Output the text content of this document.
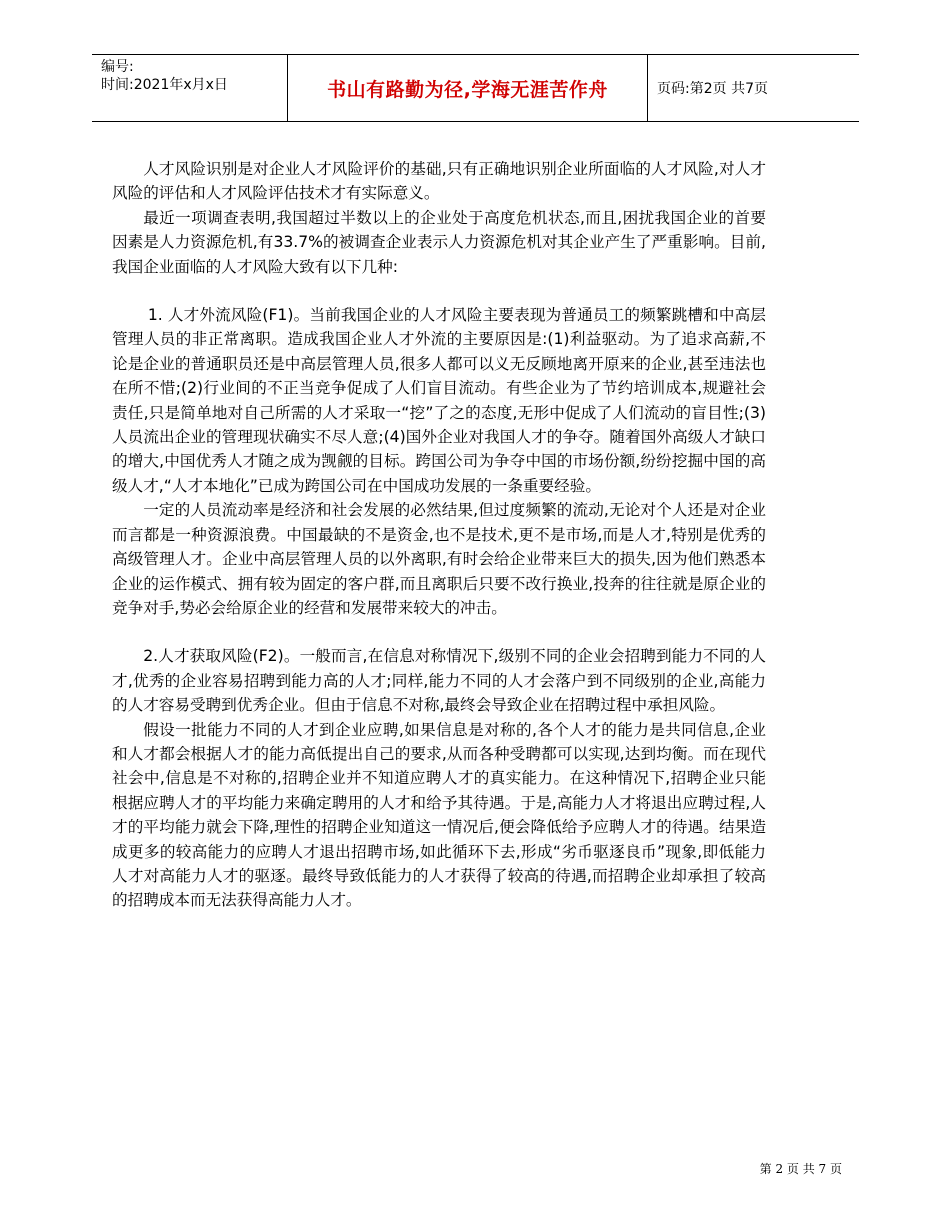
编号:
时间:2021年x月x日	书山有路勤为径,学海无涯苦作舟	页码:第2页 共7页

人才风险识别是对企业人才风险评价的基础,只有正确地识别企业所面临的人才风险,对人才风险的评估和人才风险评估技术才有实际意义。

最近一项调查表明,我国超过半数以上的企业处于高度危机状态,而且,困扰我国企业的首要因素是人力资源危机,有33.7%的被调查企业表示人力资源危机对其企业产生了严重影响。目前,我国企业面临的人才风险大致有以下几种:

1. 人才外流风险(F1)。当前我国企业的人才风险主要表现为普通员工的频繁跳槽和中高层管理人员的非正常离职。造成我国企业人才外流的主要原因是:(1)利益驱动。为了追求高薪,不论是企业的普通职员还是中高层管理人员,很多人都可以义无反顾地离开原来的企业,甚至违法也在所不惜;(2)行业间的不正当竞争促成了人们盲目流动。有些企业为了节约培训成本,规避社会责任,只是简单地对自己所需的人才采取一“挖”了之的态度,无形中促成了人们流动的盲目性;(3)人员流出企业的管理现状确实不尽人意;(4)国外企业对我国人才的争夺。随着国外高级人才缺口的增大,中国优秀人才随之成为觊觎的目标。跨国公司为争夺中国的市场份额,纷纷挖掘中国的高级人才,“人才本地化”已成为跨国公司在中国成功发展的一条重要经验。

一定的人员流动率是经济和社会发展的必然结果,但过度频繁的流动,无论对个人还是对企业而言都是一种资源浪费。中国最缺的不是资金,也不是技术,更不是市场,而是人才,特别是优秀的高级管理人才。企业中高层管理人员的以外离职,有时会给企业带来巨大的损失,因为他们熟悉本企业的运作模式、拥有较为固定的客户群,而且离职后只要不改行换业,投奔的往往就是原企业的竞争对手,势必会给原企业的经营和发展带来较大的冲击。

2.人才获取风险(F2)。一般而言,在信息对称情况下,级别不同的企业会招聘到能力不同的人才,优秀的企业容易招聘到能力高的人才;同样,能力不同的人才会落户到不同级别的企业,高能力的人才容易受聘到优秀企业。但由于信息不对称,最终会导致企业在招聘过程中承担风险。

假设一批能力不同的人才到企业应聘,如果信息是对称的,各个人才的能力是共同信息,企业和人才都会根据人才的能力高低提出自己的要求,从而各种受聘都可以实现,达到均衡。而在现代社会中,信息是不对称的,招聘企业并不知道应聘人才的真实能力。在这种情况下,招聘企业只能根据应聘人才的平均能力来确定聘用的人才和给予其待遇。于是,高能力人才将退出应聘过程,人才的平均能力就会下降,理性的招聘企业知道这一情况后,便会降低给予应聘人才的待遇。结果造成更多的较高能力的应聘人才退出招聘市场,如此循环下去,形成“劣币驱逐良币”现象,即低能力人才对高能力人才的驱逐。最终导致低能力的人才获得了较高的待遇,而招聘企业却承担了较高的招聘成本而无法获得高能力人才。

第 2 页 共 7 页
